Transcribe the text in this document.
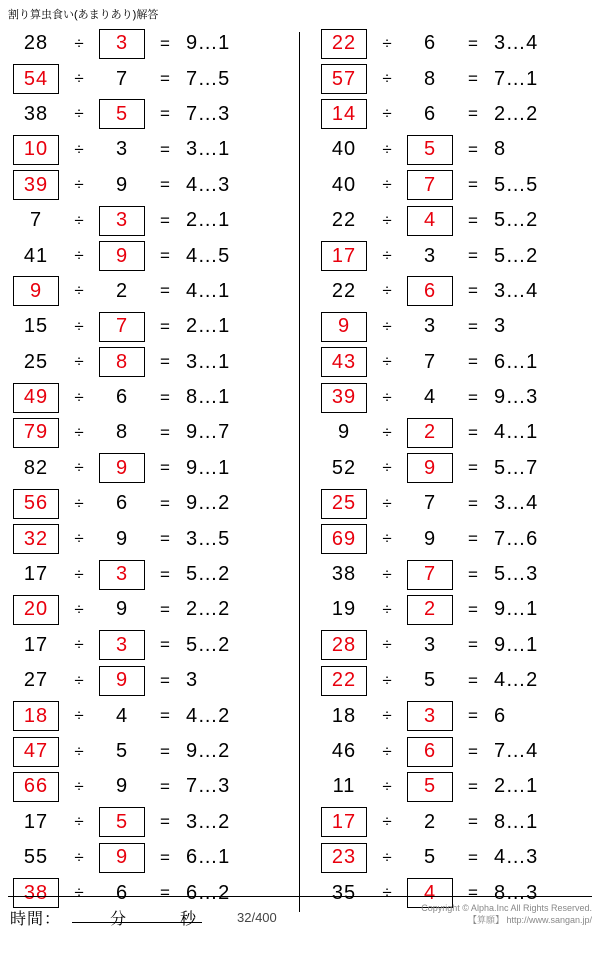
割り算虫食い(あまりあり)解答
28	÷	3	= 9…1
54	÷	7	= 7…5
38	÷	5	= 7…3
10	÷	3	= 3…1
39	÷	9	= 4…3
7	÷	3	= 2…1
41	÷	9	= 4…5
9	÷	2	= 4…1
15	÷	7	= 2…1
25	÷	8	= 3…1
49	÷	6	= 8…1
79	÷	8	= 9…7
82	÷	9	= 9…1
56	÷	6	= 9…2
32	÷	9	= 3…5
17	÷	3	= 5…2
20	÷	9	= 2…2
17	÷	3	= 5…2
27	÷	9	= 3
18	÷	4	= 4…2
47	÷	5	= 9…2
66	÷	9	= 7…3
17	÷	5	= 3…2
55	÷	9	= 6…1
38	÷	6	= 6…2
22	÷	6	= 3…4
57	÷	8	= 7…1
14	÷	6	= 2…2
40	÷	5	= 8
40	÷	7	= 5…5
22	÷	4	= 5…2
17	÷	3	= 5…2
22	÷	6	= 3…4
9	÷	3	= 3
43	÷	7	= 6…1
39	÷	4	= 9…3
9	÷	2	= 4…1
52	÷	9	= 5…7
25	÷	7	= 3…4
69	÷	9	= 7…6
38	÷	7	= 5…3
19	÷	2	= 9…1
28	÷	3	= 9…1
22	÷	5	= 4…2
18	÷	3	= 6
46	÷	6	= 7…4
11	÷	5	= 2…1
17	÷	2	= 8…1
23	÷	5	= 4…3
35	÷	4	= 8…3
時間：	分	秒	32/400
Copyright © Alpha.Inc All Rights Reserved.
【算願】 http://www.sangan.jp/
